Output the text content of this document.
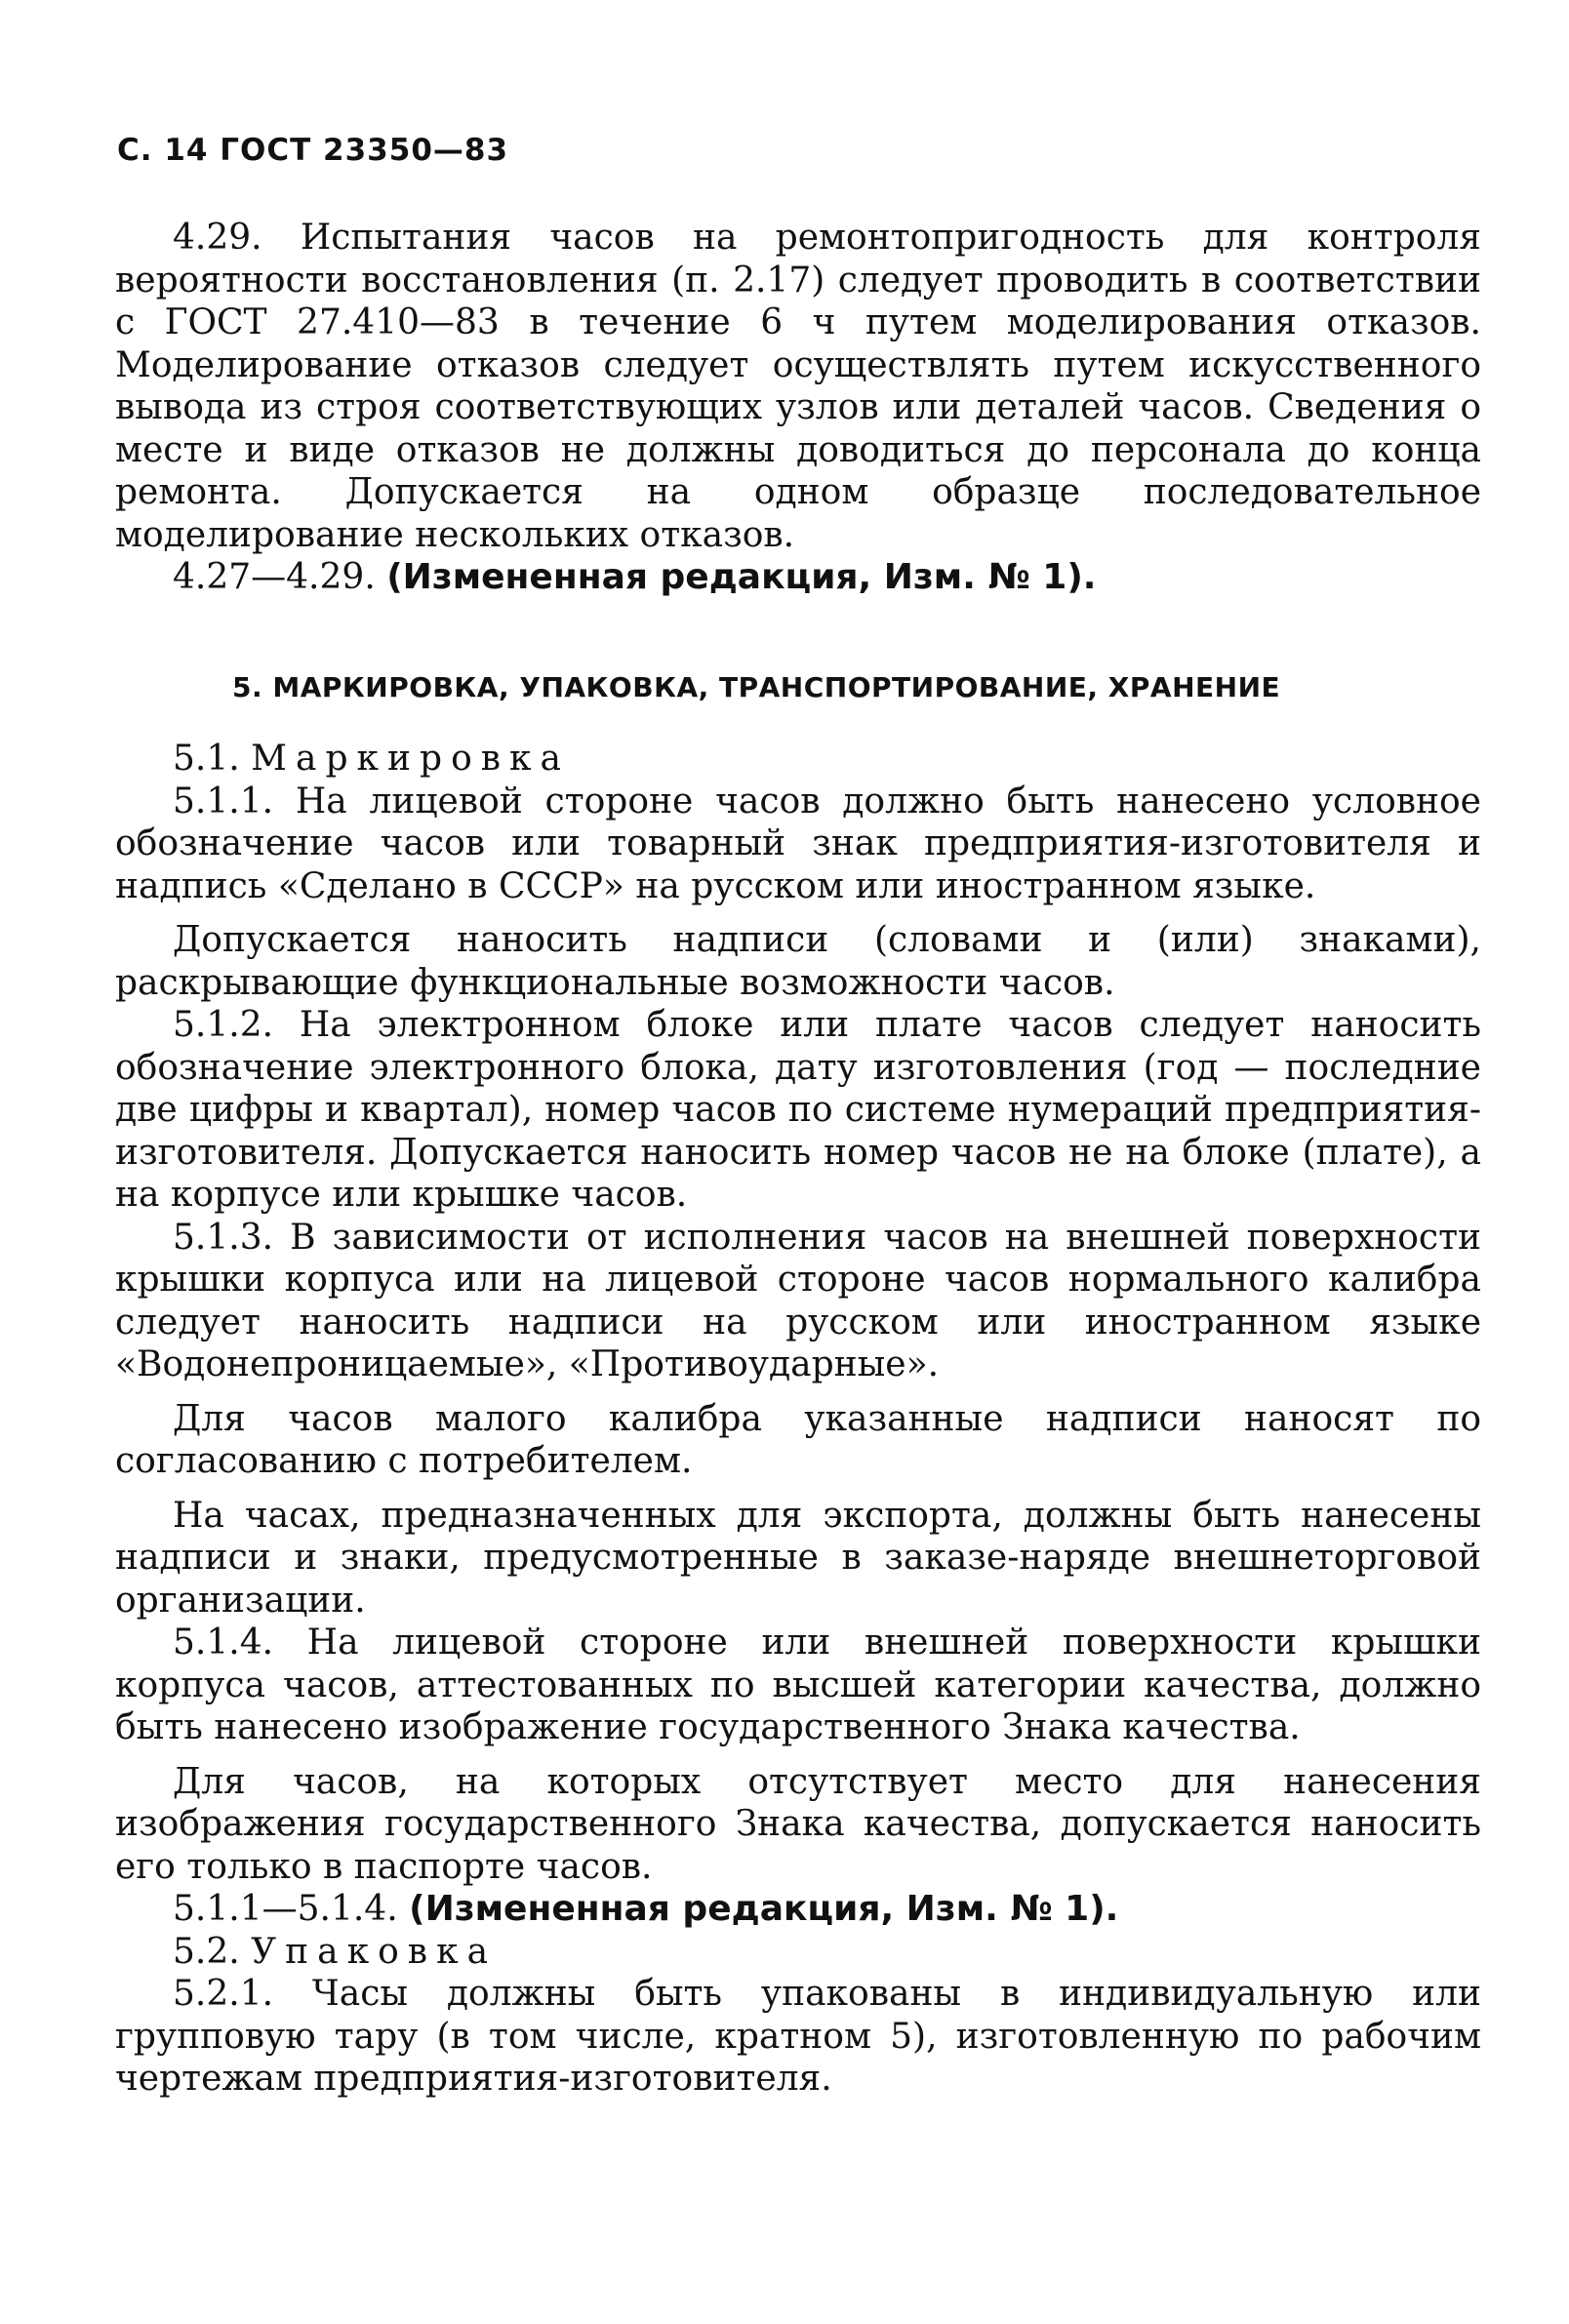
С. 14 ГОСТ 23350—83

4.29. Испытания часов на ремонтопригодность для контроля вероятности восстановления (п. 2.17) следует проводить в соответствии с ГОСТ 27.410—83 в течение 6 ч путем моделирования отказов. Моделирование отказов следует осуществлять путем искусственного вывода из строя соответствующих узлов или деталей часов. Сведения о месте и виде отказов не должны доводиться до персонала до конца ремонта. Допускается на одном образце последовательное моделирование нескольких отказов.

4.27—4.29. (Измененная редакция, Изм. № 1).

5. МАРКИРОВКА, УПАКОВКА, ТРАНСПОРТИРОВАНИЕ, ХРАНЕНИЕ

5.1. Маркировка

5.1.1. На лицевой стороне часов должно быть нанесено условное обозначение часов или товарный знак предприятия-изготовителя и надпись «Сделано в СССР» на русском или иностранном языке.

Допускается наносить надписи (словами и (или) знаками), раскрывающие функциональные возможности часов.

5.1.2. На электронном блоке или плате часов следует наносить обозначение электронного блока, дату изготовления (год — последние две цифры и квартал), номер часов по системе нумераций предприятия-изготовителя. Допускается наносить номер часов не на блоке (плате), а на корпусе или крышке часов.

5.1.3. В зависимости от исполнения часов на внешней поверхности крышки корпуса или на лицевой стороне часов нормального калибра следует наносить надписи на русском или иностранном языке «Водонепроницаемые», «Противоударные».

Для часов малого калибра указанные надписи наносят по согласованию с потребителем.

На часах, предназначенных для экспорта, должны быть нанесены надписи и знаки, предусмотренные в заказе-наряде внешнеторговой организации.

5.1.4. На лицевой стороне или внешней поверхности крышки корпуса часов, аттестованных по высшей категории качества, должно быть нанесено изображение государственного Знака качества.

Для часов, на которых отсутствует место для нанесения изображения государственного Знака качества, допускается наносить его только в паспорте часов.

5.1.1—5.1.4. (Измененная редакция, Изм. № 1).

5.2. Упаковка

5.2.1. Часы должны быть упакованы в индивидуальную или групповую тару (в том числе, кратном 5), изготовленную по рабочим чертежам предприятия-изготовителя.
